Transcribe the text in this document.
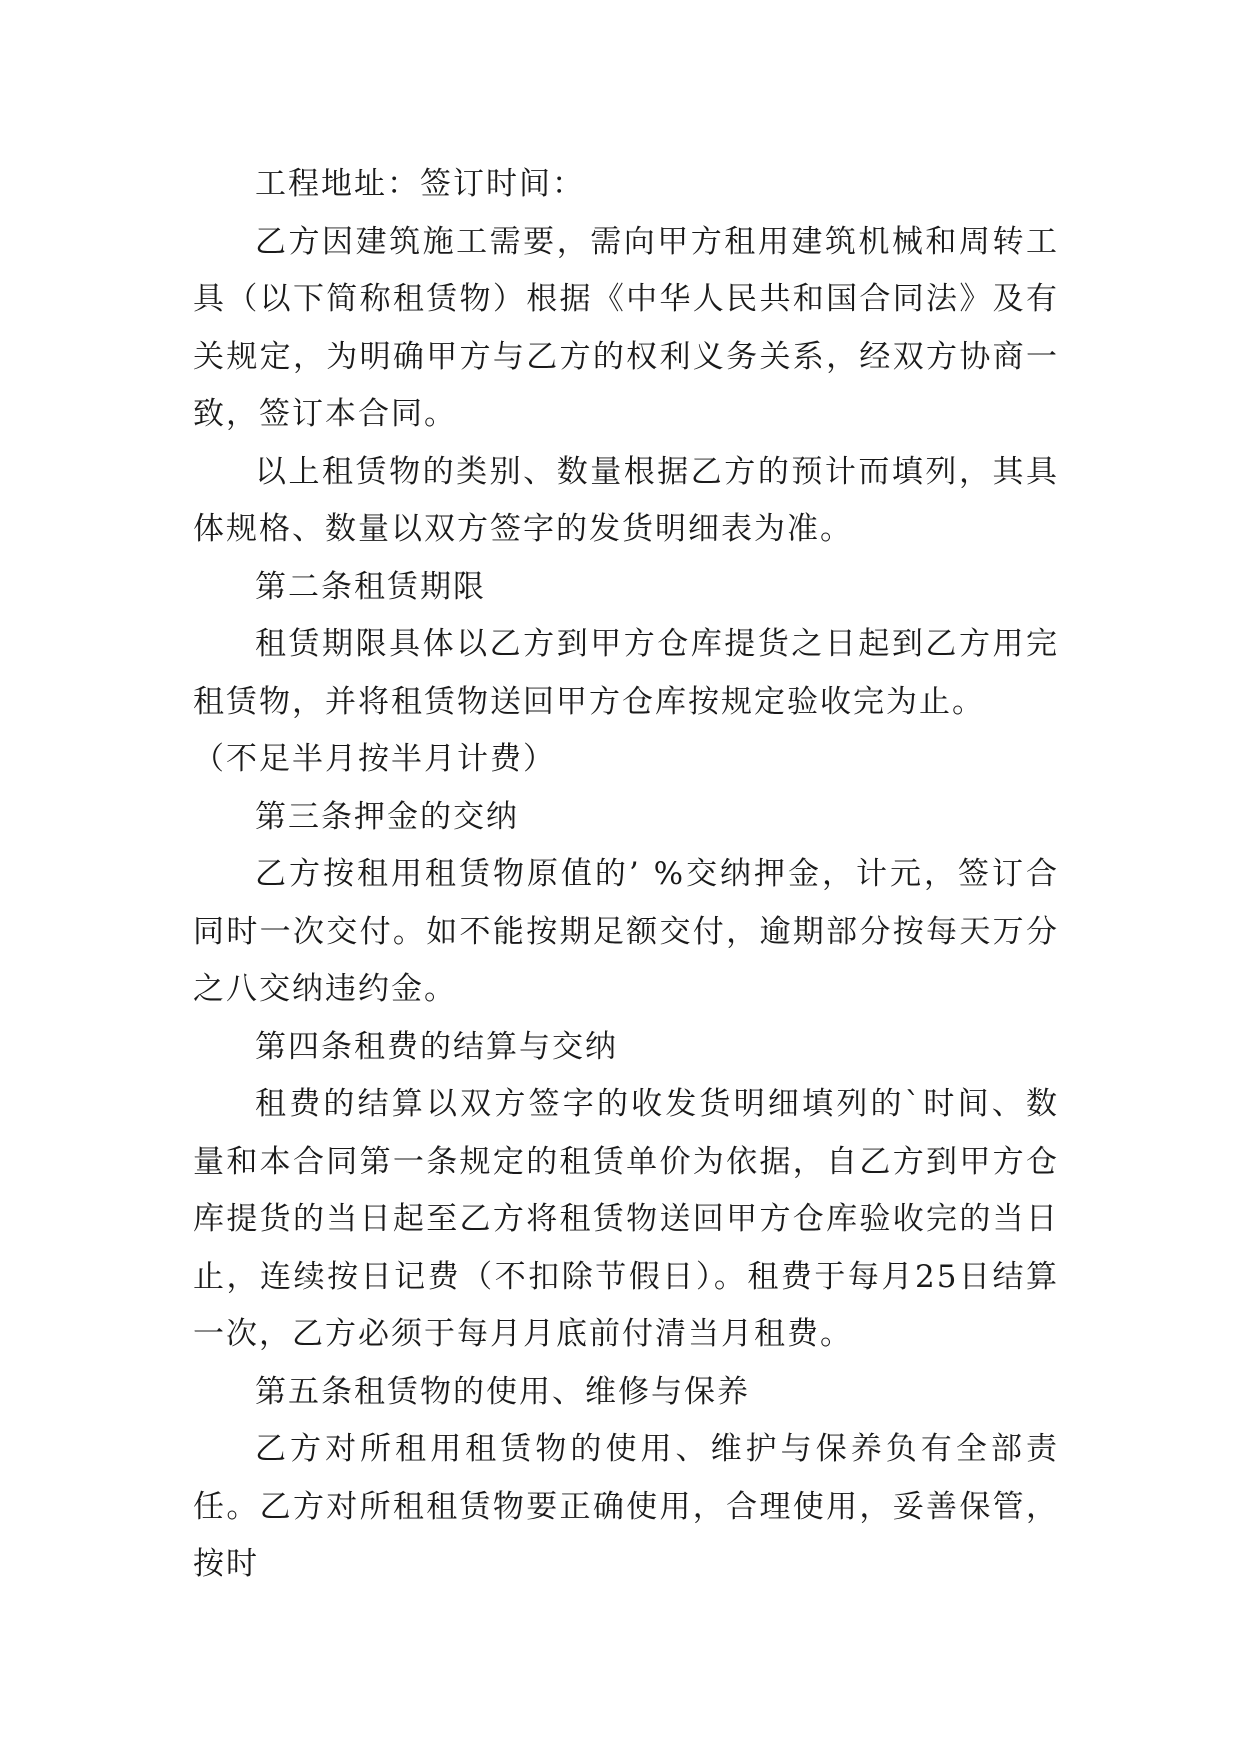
工程地址：签订时间：

乙方因建筑施工需要，需向甲方租用建筑机械和周转工具（以下简称租赁物）根据《中华人民共和国合同法》及有关规定，为明确甲方与乙方的权利义务关系，经双方协商一致，签订本合同。

以上租赁物的类别、数量根据乙方的预计而填列，其具体规格、数量以双方签字的发货明细表为准。

第二条租赁期限

租赁期限具体以乙方到甲方仓库提货之日起到乙方用完租赁物，并将租赁物送回甲方仓库按规定验收完为止。

（不足半月按半月计费）

第三条押金的交纳

乙方按租用租赁物原值的’ %交纳押金，计元，签订合同时一次交付。如不能按期足额交付，逾期部分按每天万分之八交纳违约金。

第四条租费的结算与交纳

租费的结算以双方签字的收发货明细填列的`时间、数量和本合同第一条规定的租赁单价为依据，自乙方到甲方仓库提货的当日起至乙方将租赁物送回甲方仓库验收完的当日止，连续按日记费（不扣除节假日）。租费于每月25日结算一次，乙方必须于每月月底前付清当月租费。

第五条租赁物的使用、维修与保养

乙方对所租用租赁物的使用、维护与保养负有全部责任。乙方对所租租赁物要正确使用，合理使用，妥善保管，按时
